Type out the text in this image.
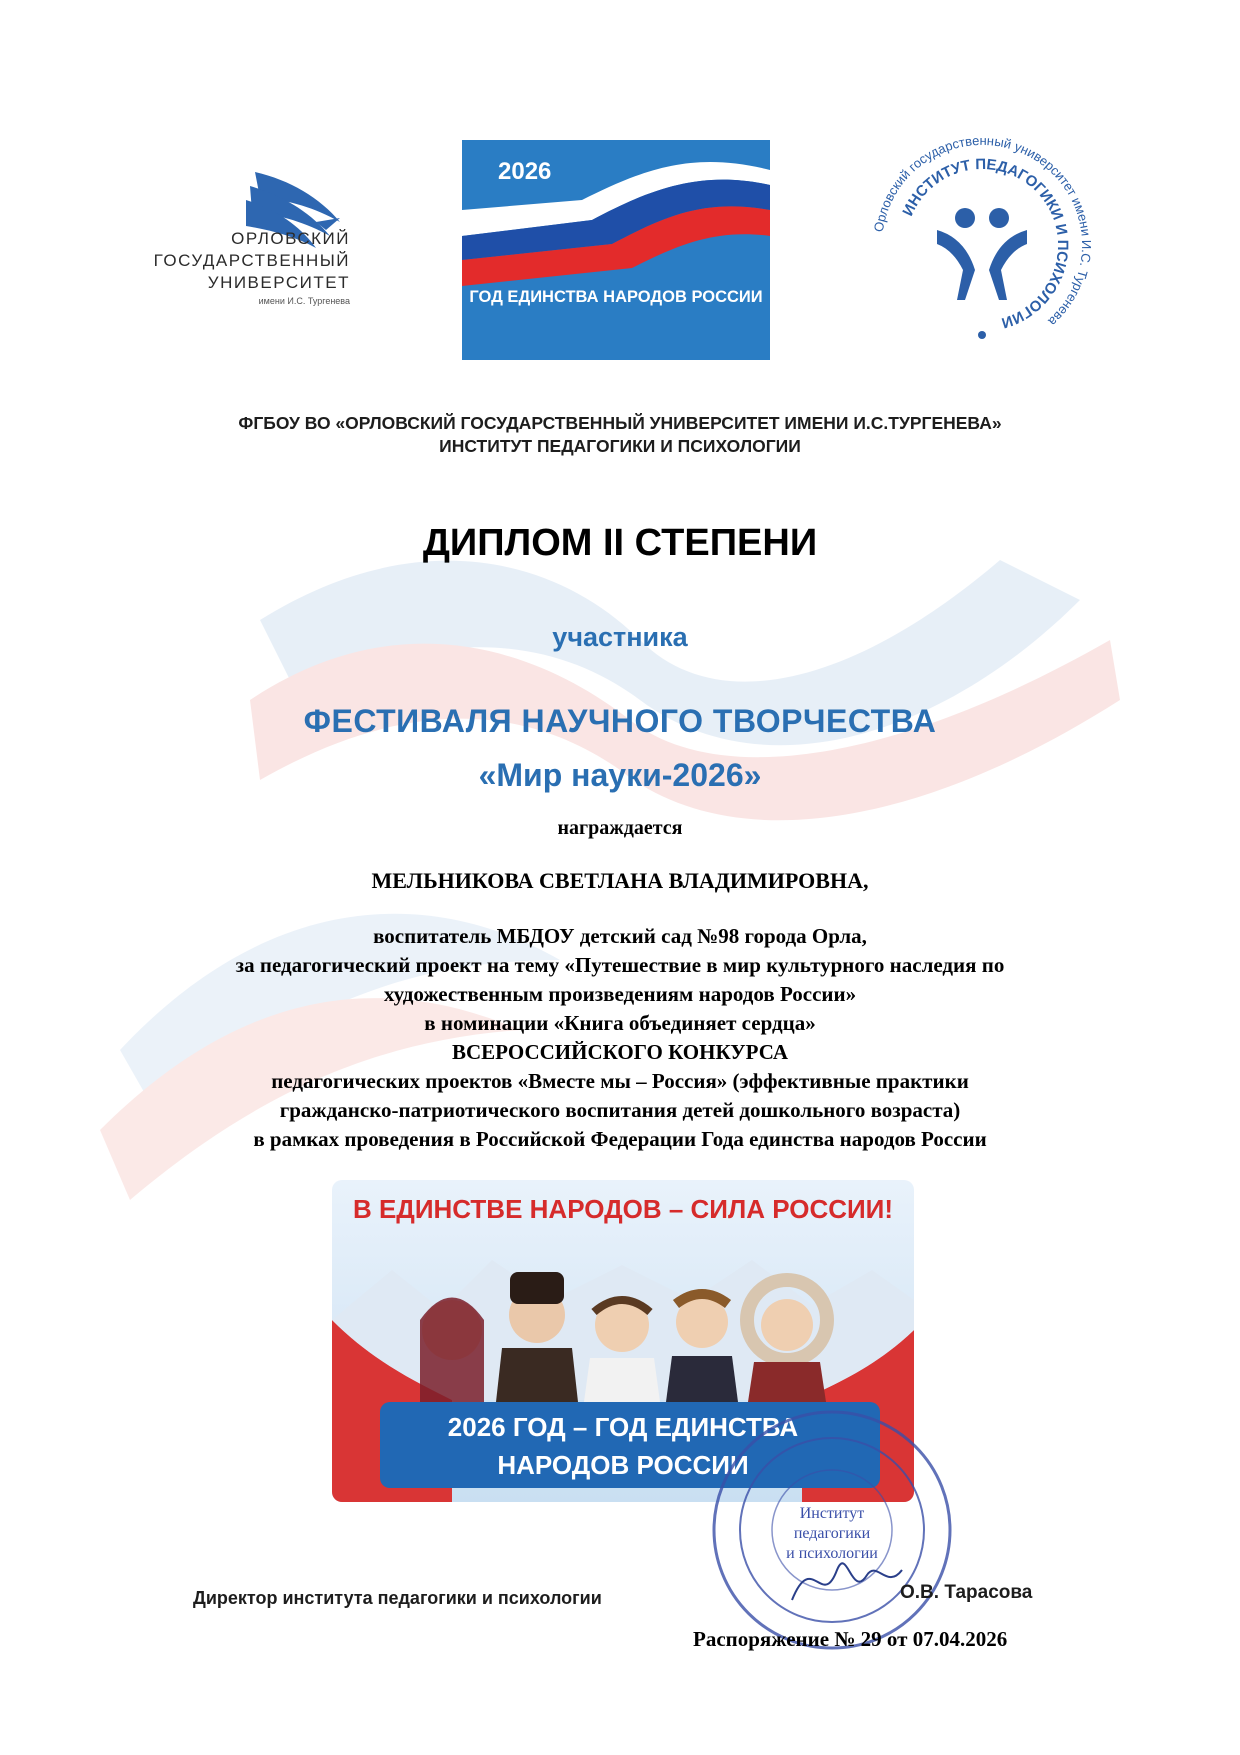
ОРЛОВСКИЙ
ГОСУДАРСТВЕННЫЙ
УНИВЕРСИТЕТ
имени И.С. Тургенева
2026
ГОД ЕДИНСТВА НАРОДОВ РОССИИ
Орловский государственный университет имени И.С. Тургенева
ИНСТИТУТ ПЕДАГОГИКИ И ПСИХОЛОГИИ
ФГБОУ ВО «ОРЛОВСКИЙ ГОСУДАРСТВЕННЫЙ УНИВЕРСИТЕТ ИМЕНИ И.С.ТУРГЕНЕВА»
ИНСТИТУТ ПЕДАГОГИКИ И ПСИХОЛОГИИ
ДИПЛОМ II СТЕПЕНИ
участника
ФЕСТИВАЛЯ НАУЧНОГО ТВОРЧЕСТВА
«Мир науки-2026»
награждается
МЕЛЬНИКОВА СВЕТЛАНА ВЛАДИМИРОВНА,
воспитатель МБДОУ детский сад №98 города Орла,
за педагогический проект на тему «Путешествие в мир культурного наследия по
художественным произведениям народов России»
в номинации «Книга объединяет сердца»
ВСЕРОССИЙСКОГО КОНКУРСА
педагогических проектов «Вместе мы – Россия» (эффективные практики
гражданско-патриотического воспитания детей дошкольного возраста)
в рамках проведения в Российской Федерации Года единства народов России
В ЕДИНСТВЕ НАРОДОВ – СИЛА РОССИИ!
2026 ГОД – ГОД ЕДИНСТВА
НАРОДОВ РОССИИ
Институт
педагогики
и психологии
Директор института педагогики и психологии	О.В. Тарасова
Распоряжение № 29 от 07.04.2026
